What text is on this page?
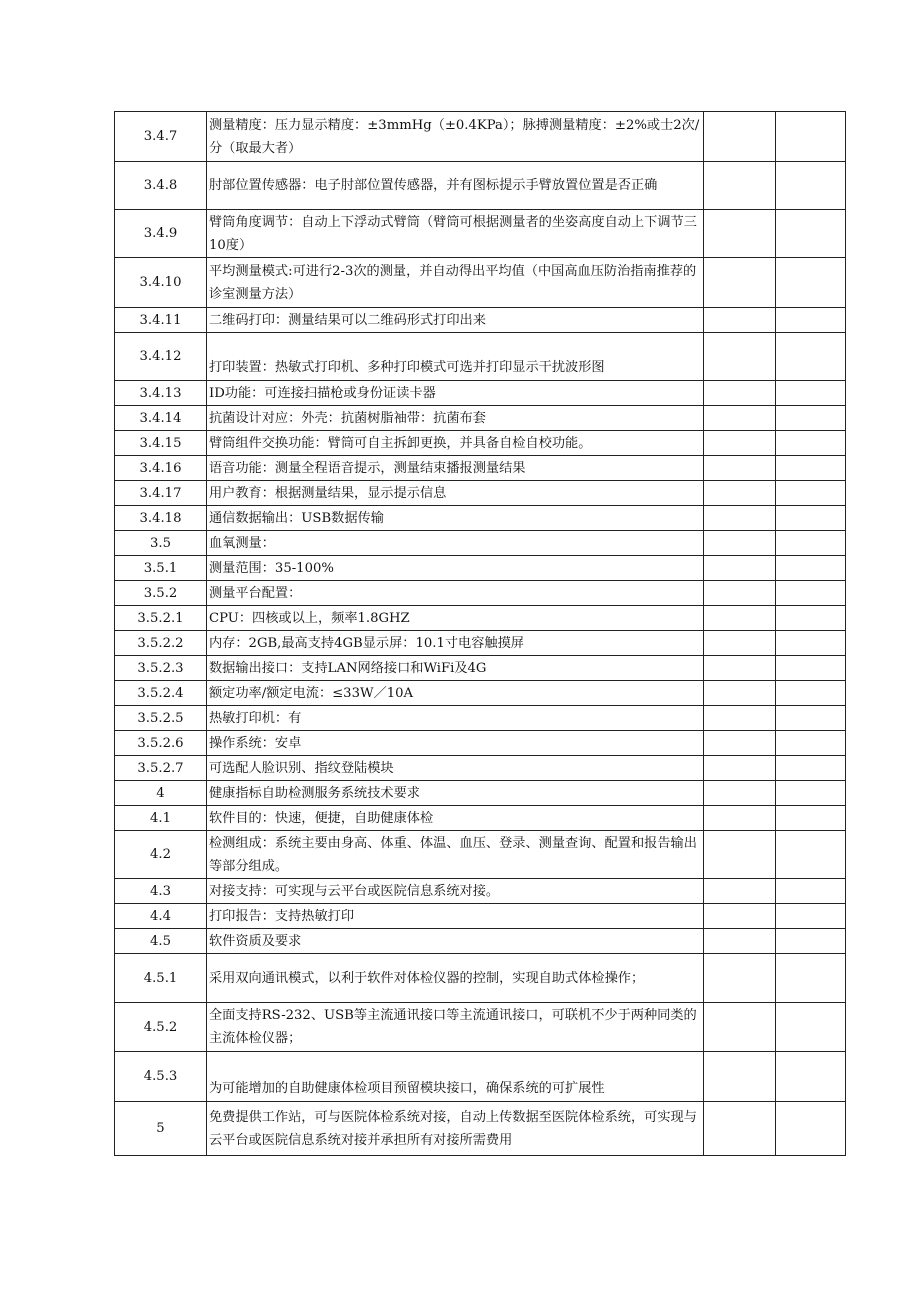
3.4.7	测量精度：压力显示精度：±3mmHg（±0.4KPa）；脉搏测量精度：±2%或士2次/分（取最大者）		
3.4.8	肘部位置传感器：电子肘部位置传感器，并有图标提示手臂放置位置是否正确		
3.4.9	臂筒角度调节：自动上下浮动式臂筒（臂筒可根据测量者的坐姿高度自动上下调节三10度）		
3.4.10	平均测量模式:可进行2-3次的测量，并自动得出平均值（中国高血压防治指南推荐的诊室测量方法）		
3.4.11	二维码打印：测量结果可以二维码形式打印出来		
3.4.12	打印装置：热敏式打印机、多种打印模式可选并打印显示干扰波形图		
3.4.13	ID功能：可连接扫描枪或身份证读卡器		
3.4.14	抗菌设计对应：外壳：抗菌树脂袖带：抗菌布套		
3.4.15	臂筒组件交换功能：臂筒可自主拆卸更换，并具备自检自校功能。		
3.4.16	语音功能：测量全程语音提示，测量结束播报测量结果		
3.4.17	用户教育：根据测量结果，显示提示信息		
3.4.18	通信数据输出：USB数据传输		
3.5	血氧测量：		
3.5.1	测量范围：35-100%		
3.5.2	测量平台配置：		
3.5.2.1	CPU：四核或以上，频率1.8GHZ		
3.5.2.2	内存：2GB,最高支持4GB显示屏：10.1寸电容触摸屏		
3.5.2.3	数据输出接口：支持LAN网络接口和WiFi及4G		
3.5.2.4	额定功率/额定电流：≤33W／10A		
3.5.2.5	热敏打印机：有		
3.5.2.6	操作系统：安卓		
3.5.2.7	可选配人脸识别、指纹登陆模块		
4	健康指标自助检测服务系统技术要求		
4.1	软件目的：快速，便捷，自助健康体检		
4.2	检测组成：系统主要由身高、体重、体温、血压、登录、测量查询、配置和报告输出等部分组成。		
4.3	对接支持：可实现与云平台或医院信息系统对接。		
4.4	打印报告：支持热敏打印		
4.5	软件资质及要求		
4.5.1	采用双向通讯模式，以利于软件对体检仪器的控制，实现自助式体检操作；		
4.5.2	全面支持RS-232、USB等主流通讯接口等主流通讯接口，可联机不少于两种同类的主流体检仪器；		
4.5.3	为可能增加的自助健康体检项目预留模块接口，确保系统的可扩展性		
5	免费提供工作站，可与医院体检系统对接，自动上传数据至医院体检系统，可实现与云平台或医院信息系统对接并承担所有对接所需费用		
